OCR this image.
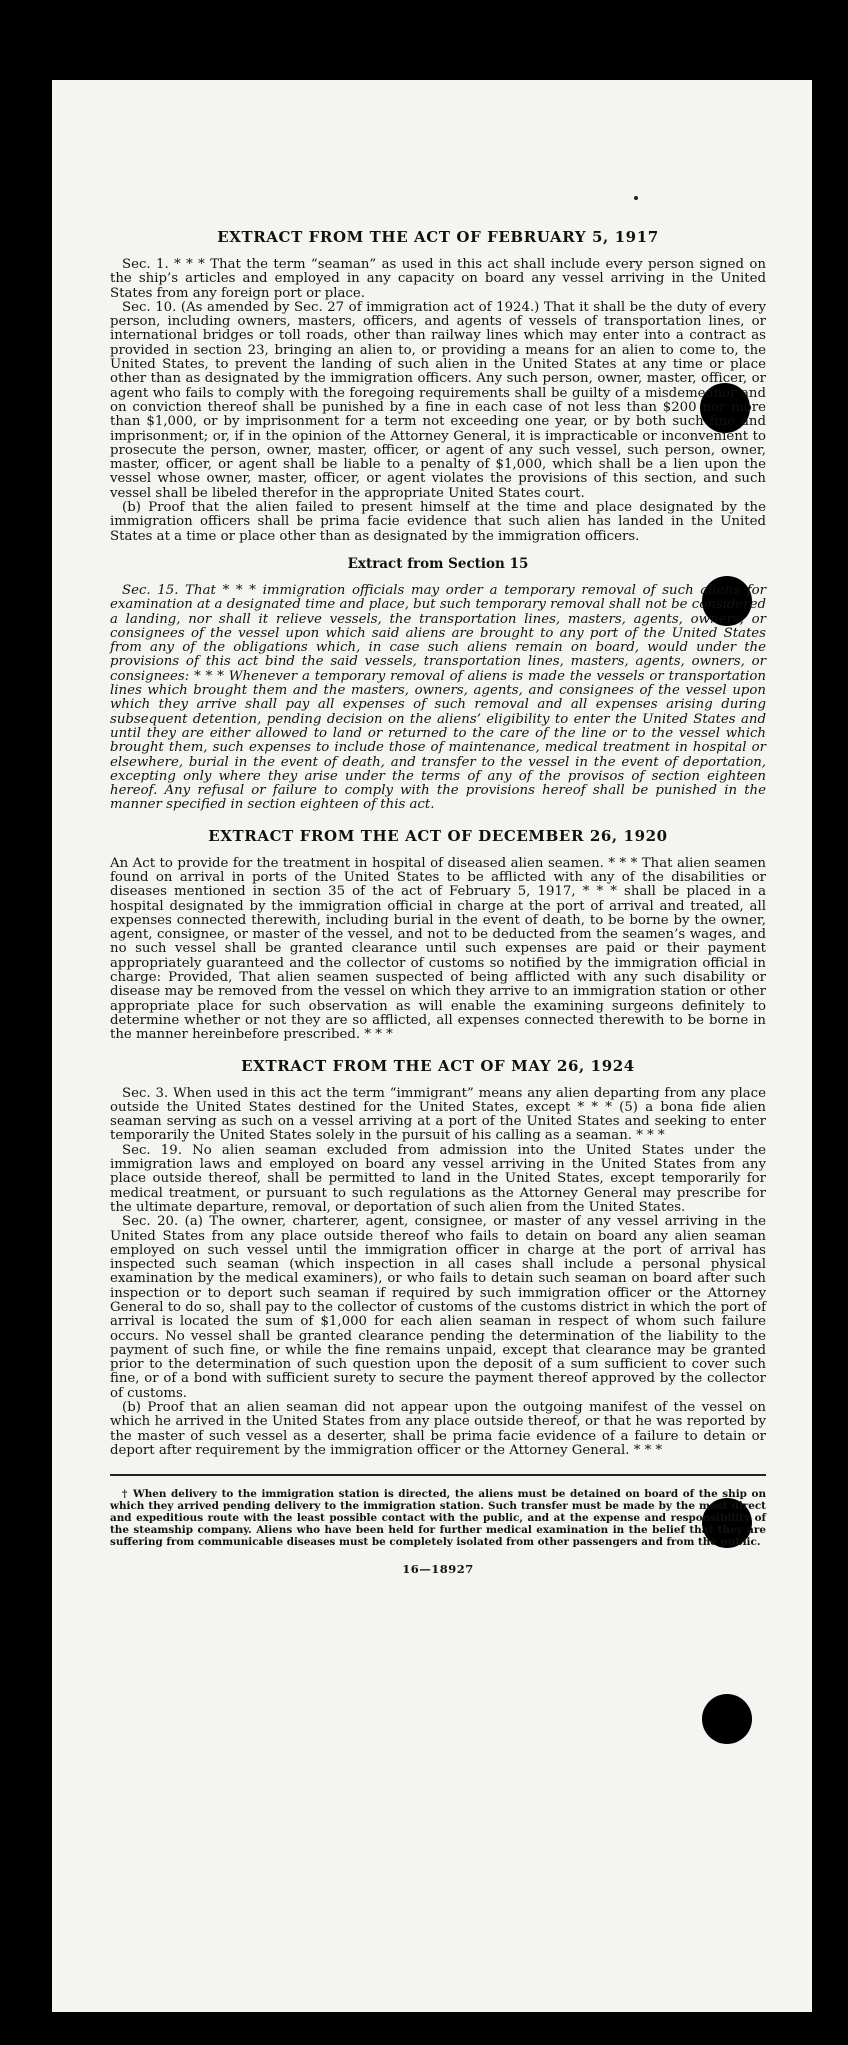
EXTRACT FROM THE ACT OF FEBRUARY 5, 1917

Sec. 1. * * * That the term “seaman” as used in this act shall include every person signed on the ship’s articles and employed in any capacity on board any vessel arriving in the United States from any foreign port or place.

Sec. 10. (As amended by Sec. 27 of immigration act of 1924.) That it shall be the duty of every person, including owners, masters, officers, and agents of vessels of transportation lines, or international bridges or toll roads, other than railway lines which may enter into a contract as provided in section 23, bringing an alien to, or providing a means for an alien to come to, the United States, to prevent the landing of such alien in the United States at any time or place other than as designated by the immigration officers. Any such person, owner, master, officer, or agent who fails to comply with the foregoing requirements shall be guilty of a misdemeanor and on conviction thereof shall be punished by a fine in each case of not less than $200 nor more than $1,000, or by imprisonment for a term not exceeding one year, or by both such fine and imprisonment; or, if in the opinion of the Attorney General, it is impracticable or inconvenient to prosecute the person, owner, master, officer, or agent of any such vessel, such person, owner, master, officer, or agent shall be liable to a penalty of $1,000, which shall be a lien upon the vessel whose owner, master, officer, or agent violates the provisions of this section, and such vessel shall be libeled therefor in the appropriate United States court.

(b) Proof that the alien failed to present himself at the time and place designated by the immigration officers shall be prima facie evidence that such alien has landed in the United States at a time or place other than as designated by the immigration officers.

Extract from Section 15

Sec. 15. That * * * immigration officials may order a temporary removal of such aliens for examination at a designated time and place, but such temporary removal shall not be considered a landing, nor shall it relieve vessels, the transportation lines, masters, agents, owners, or consignees of the vessel upon which said aliens are brought to any port of the United States from any of the obligations which, in case such aliens remain on board, would under the provisions of this act bind the said vessels, transportation lines, masters, agents, owners, or consignees: * * * Whenever a temporary removal of aliens is made the vessels or transportation lines which brought them and the masters, owners, agents, and consignees of the vessel upon which they arrive shall pay all expenses of such removal and all expenses arising during subsequent detention, pending decision on the aliens’ eligibility to enter the United States and until they are either allowed to land or returned to the care of the line or to the vessel which brought them, such expenses to include those of maintenance, medical treatment in hospital or elsewhere, burial in the event of death, and transfer to the vessel in the event of deportation, excepting only where they arise under the terms of any of the provisos of section eighteen hereof. Any refusal or failure to comply with the provisions hereof shall be punished in the manner specified in section eighteen of this act.

EXTRACT FROM THE ACT OF DECEMBER 26, 1920

An Act to provide for the treatment in hospital of diseased alien seamen. * * * That alien seamen found on arrival in ports of the United States to be afflicted with any of the disabilities or diseases mentioned in section 35 of the act of February 5, 1917, * * * shall be placed in a hospital designated by the immigration official in charge at the port of arrival and treated, all expenses connected therewith, including burial in the event of death, to be borne by the owner, agent, consignee, or master of the vessel, and not to be deducted from the seamen’s wages, and no such vessel shall be granted clearance until such expenses are paid or their payment appropriately guaranteed and the collector of customs so notified by the immigration official in charge: Provided, That alien seamen suspected of being afflicted with any such disability or disease may be removed from the vessel on which they arrive to an immigration station or other appropriate place for such observation as will enable the examining surgeons definitely to determine whether or not they are so afflicted, all expenses connected therewith to be borne in the manner hereinbefore prescribed. * * *

EXTRACT FROM THE ACT OF MAY 26, 1924

Sec. 3. When used in this act the term “immigrant” means any alien departing from any place outside the United States destined for the United States, except * * * (5) a bona fide alien seaman serving as such on a vessel arriving at a port of the United States and seeking to enter temporarily the United States solely in the pursuit of his calling as a seaman. * * *

Sec. 19. No alien seaman excluded from admission into the United States under the immigration laws and employed on board any vessel arriving in the United States from any place outside thereof, shall be permitted to land in the United States, except temporarily for medical treatment, or pursuant to such regulations as the Attorney General may prescribe for the ultimate departure, removal, or deportation of such alien from the United States.

Sec. 20. (a) The owner, charterer, agent, consignee, or master of any vessel arriving in the United States from any place outside thereof who fails to detain on board any alien seaman employed on such vessel until the immigration officer in charge at the port of arrival has inspected such seaman (which inspection in all cases shall include a personal physical examination by the medical examiners), or who fails to detain such seaman on board after such inspection or to deport such seaman if required by such immigration officer or the Attorney General to do so, shall pay to the collector of customs of the customs district in which the port of arrival is located the sum of $1,000 for each alien seaman in respect of whom such failure occurs. No vessel shall be granted clearance pending the determination of the liability to the payment of such fine, or while the fine remains unpaid, except that clearance may be granted prior to the determination of such question upon the deposit of a sum sufficient to cover such fine, or of a bond with sufficient surety to secure the payment thereof approved by the collector of customs.

(b) Proof that an alien seaman did not appear upon the outgoing manifest of the vessel on which he arrived in the United States from any place outside thereof, or that he was reported by the master of such vessel as a deserter, shall be prima facie evidence of a failure to detain or deport after requirement by the immigration officer or the Attorney General. * * *

† When delivery to the immigration station is directed, the aliens must be detained on board of the ship on which they arrived pending delivery to the immigration station. Such transfer must be made by the most direct and expeditious route with the least possible contact with the public, and at the expense and responsibility of the steamship company. Aliens who have been held for further medical examination in the belief that they are suffering from communicable diseases must be completely isolated from other passengers and from the public.

16—18927
